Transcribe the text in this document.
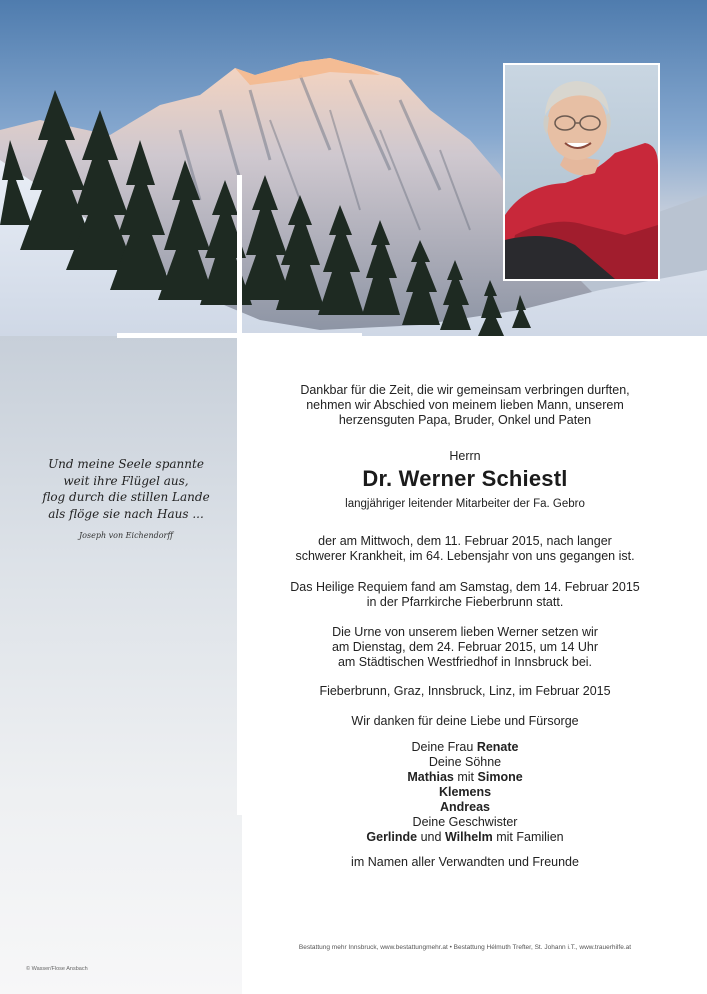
Und meine Seele spannte
weit ihre Flügel aus,
flog durch die stillen Lande
als flöge sie nach Haus ...
Joseph von Eichendorff
Dankbar für die Zeit, die wir gemeinsam verbringen durften,
nehmen wir Abschied von meinem lieben Mann, unserem
herzensguten Papa, Bruder, Onkel und Paten
Herrn
Dr. Werner Schiestl
langjähriger leitender Mitarbeiter der Fa. Gebro
der am Mittwoch, dem 11. Februar 2015, nach langer
schwerer Krankheit, im 64. Lebensjahr von uns gegangen ist.
Das Heilige Requiem fand am Samstag, dem 14. Februar 2015
in der Pfarrkirche Fieberbrunn statt.
Die Urne von unserem lieben Werner setzen wir
am Dienstag, dem 24. Februar 2015, um 14 Uhr
am Städtischen Westfriedhof in Innsbruck bei.
Fieberbrunn, Graz, Innsbruck, Linz, im Februar 2015
Wir danken für deine Liebe und Fürsorge
Deine Frau Renate
Deine Söhne
Mathias mit Simone
Klemens
Andreas
Deine Geschwister
Gerlinde und Wilhelm mit Familien
im Namen aller Verwandten und Freunde
Bestattung mehr Innsbruck, www.bestattungmehr.at • Bestattung Hélmuth Trefter, St. Johann i.T., www.trauerhilfe.at
© Wasser/Flose Ansbach
